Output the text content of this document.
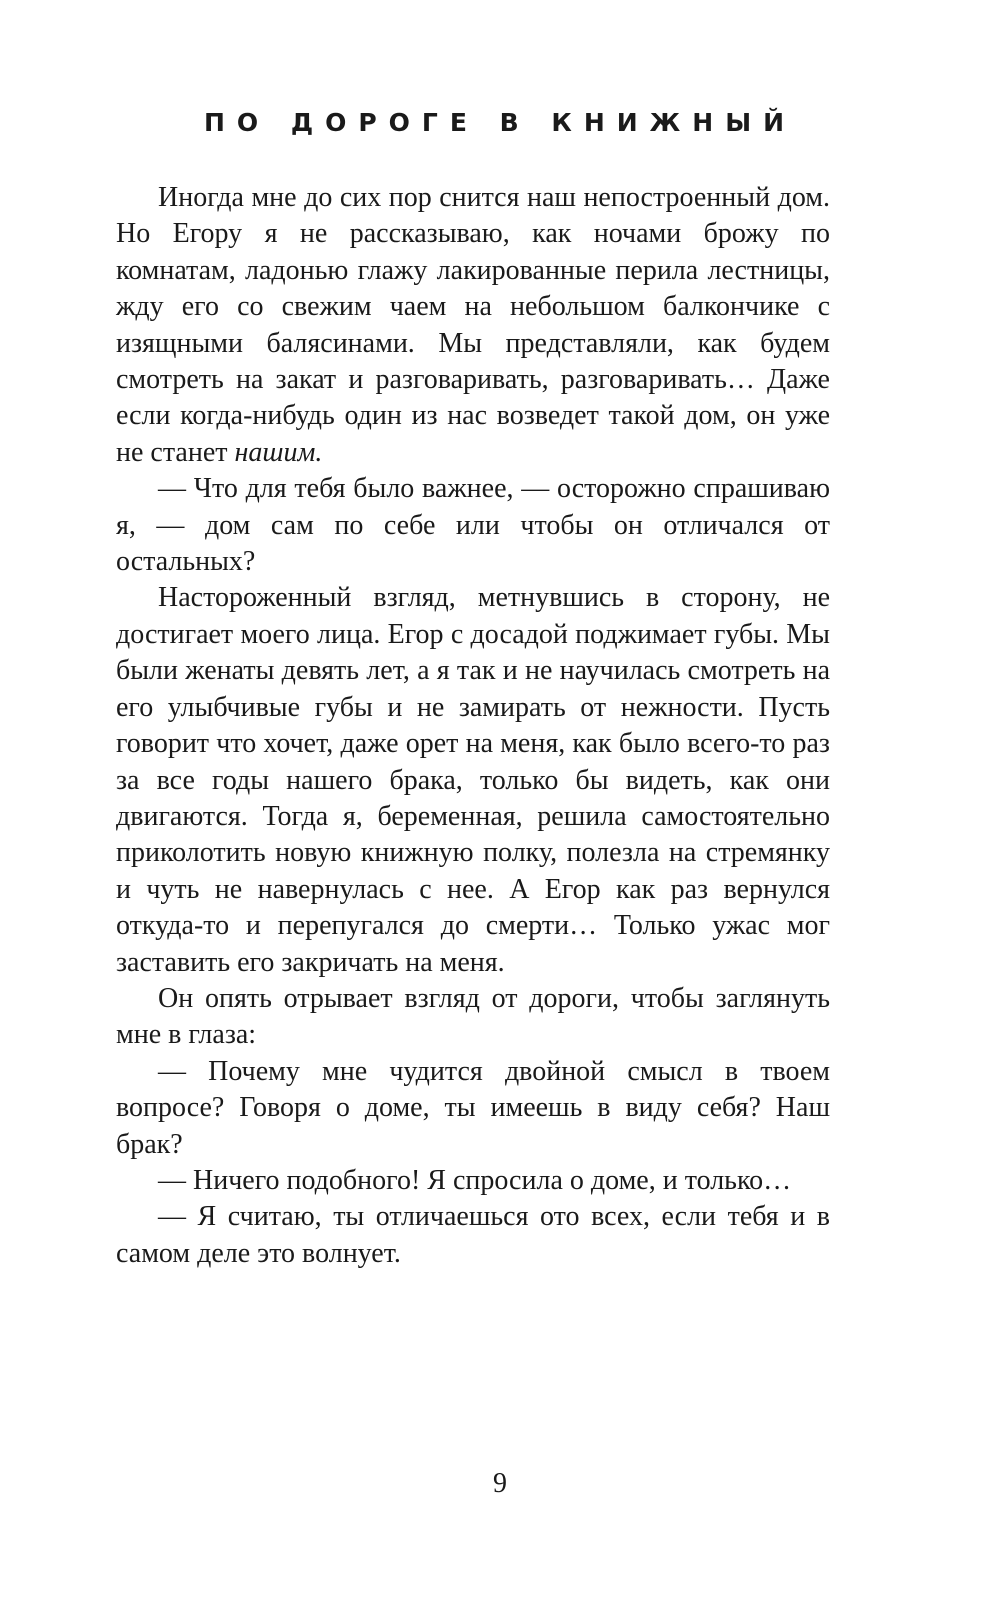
ПО ДОРОГЕ В КНИЖНЫЙ

Иногда мне до сих пор снится наш непостроенный дом. Но Егору я не рассказываю, как ночами брожу по комнатам, ладонью глажу лакированные перила лестницы, жду его со свежим чаем на небольшом балкончике с изящными балясинами. Мы представляли, как будем смотреть на закат и разговаривать, разговаривать… Даже если когда-нибудь один из нас возведет такой дом, он уже не станет нашим.

— Что для тебя было важнее, — осторожно спрашиваю я, — дом сам по себе или чтобы он отличался от остальных?

Настороженный взгляд, метнувшись в сторону, не достигает моего лица. Егор с досадой поджимает губы. Мы были женаты девять лет, а я так и не научилась смотреть на его улыбчивые губы и не замирать от нежности. Пусть говорит что хочет, даже орет на меня, как было всего-то раз за все годы нашего брака, только бы видеть, как они двигаются. Тогда я, беременная, решила самостоятельно приколотить новую книжную полку, полезла на стремянку и чуть не навернулась с нее. А Егор как раз вернулся откуда-то и перепугался до смерти… Только ужас мог заставить его закричать на меня.

Он опять отрывает взгляд от дороги, чтобы заглянуть мне в глаза:

— Почему мне чудится двойной смысл в твоем вопросе? Говоря о доме, ты имеешь в виду себя? Наш брак?

— Ничего подобного! Я спросила о доме, и только…

— Я считаю, ты отличаешься ото всех, если тебя и в самом деле это волнует.

9
